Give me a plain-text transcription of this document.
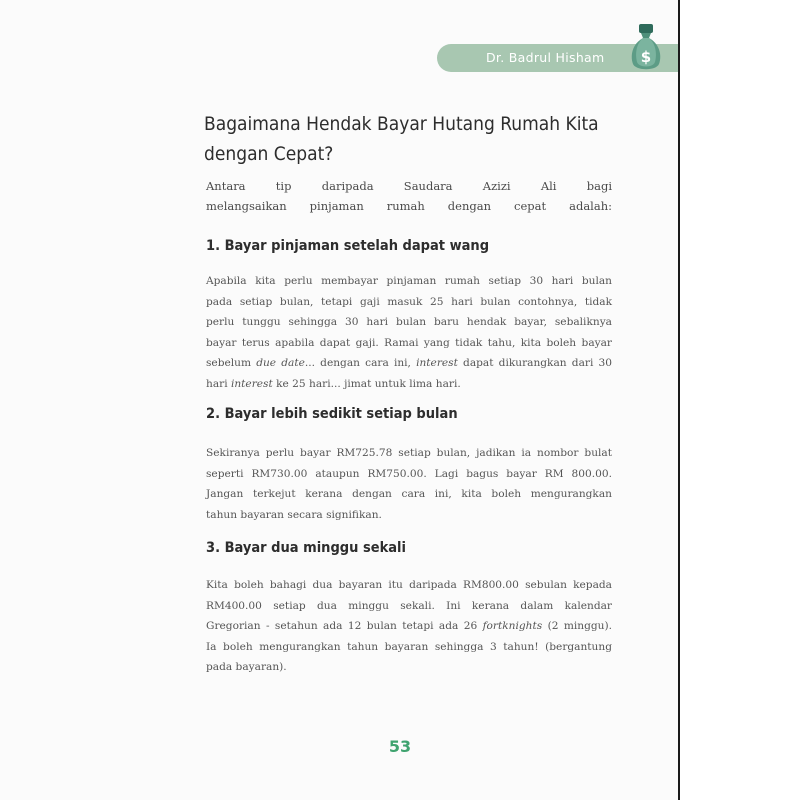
Dr. Badrul Hisham $
Bagaimana Hendak Bayar Hutang Rumah Kita
dengan Cepat?

Antara tip daripada Saudara Azizi Ali bagi
melangsaikan pinjaman rumah dengan cepat adalah:

1. Bayar pinjaman setelah dapat wang

Apabila kita perlu membayar pinjaman rumah setiap 30 hari bulan
pada setiap bulan, tetapi gaji masuk 25 hari bulan contohnya, tidak
perlu tunggu sehingga 30 hari bulan baru hendak bayar, sebaliknya
bayar terus apabila dapat gaji. Ramai yang tidak tahu, kita boleh bayar
sebelum due date... dengan cara ini, interest dapat dikurangkan dari 30
hari interest ke 25 hari... jimat untuk lima hari.

2. Bayar lebih sedikit setiap bulan

Sekiranya perlu bayar RM725.78 setiap bulan, jadikan ia nombor bulat
seperti RM730.00 ataupun RM750.00. Lagi bagus bayar RM 800.00.
Jangan terkejut kerana dengan cara ini, kita boleh mengurangkan
tahun bayaran secara signifikan.

3. Bayar dua minggu sekali

Kita boleh bahagi dua bayaran itu daripada RM800.00 sebulan kepada
RM400.00 setiap dua minggu sekali. Ini kerana dalam kalendar
Gregorian - setahun ada 12 bulan tetapi ada 26 fortknights (2 minggu).
Ia boleh mengurangkan tahun bayaran sehingga 3 tahun! (bergantung
pada bayaran).

53
